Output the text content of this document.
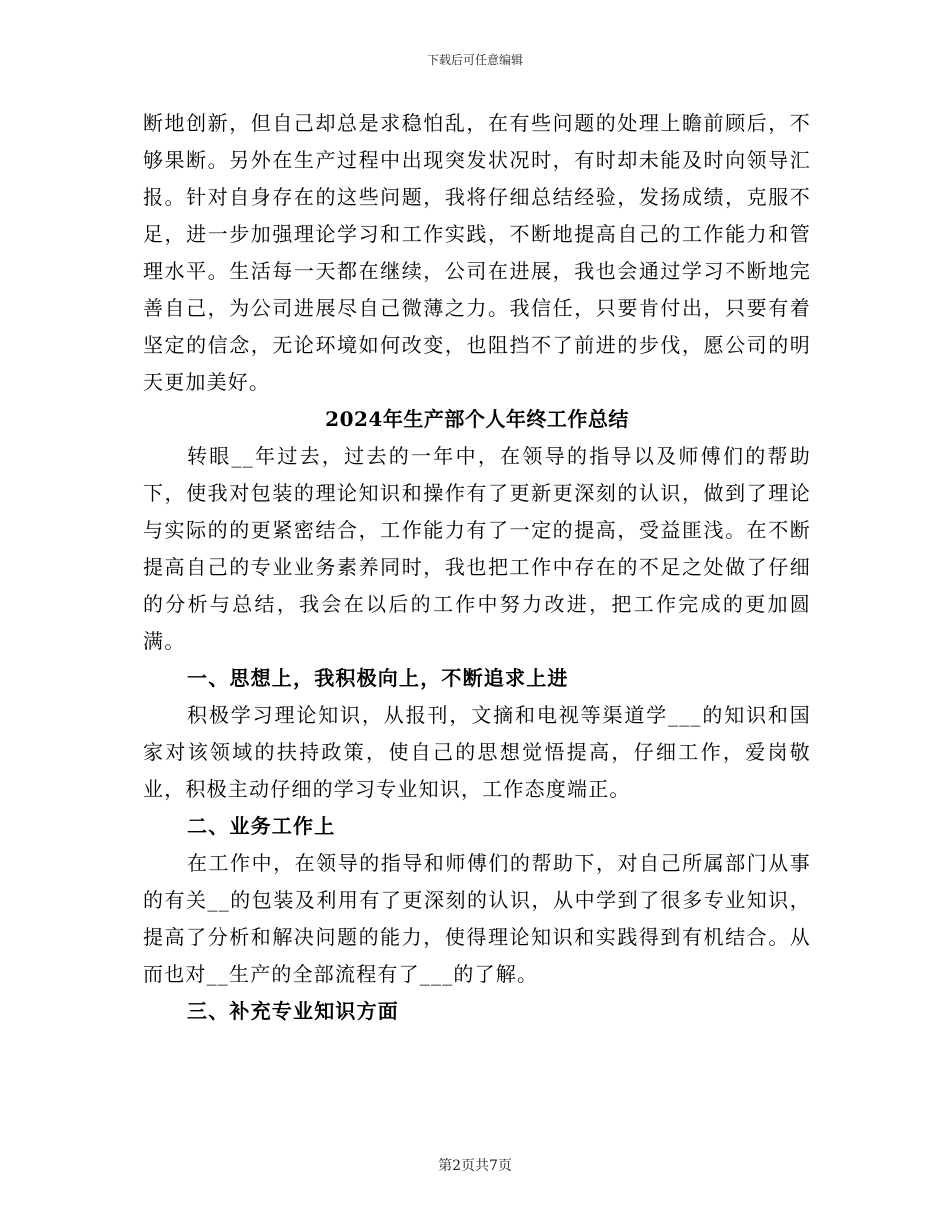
下载后可任意编辑

断地创新，但自己却总是求稳怕乱，在有些问题的处理上瞻前顾后，不够果断。另外在生产过程中出现突发状况时，有时却未能及时向领导汇报。针对自身存在的这些问题，我将仔细总结经验，发扬成绩，克服不足，进一步加强理论学习和工作实践，不断地提高自己的工作能力和管理水平。生活每一天都在继续，公司在进展，我也会通过学习不断地完善自己，为公司进展尽自己微薄之力。我信任，只要肯付出，只要有着坚定的信念，无论环境如何改变，也阻挡不了前进的步伐，愿公司的明天更加美好。

2024年生产部个人年终工作总结

转眼__年过去，过去的一年中，在领导的指导以及师傅们的帮助下，使我对包装的理论知识和操作有了更新更深刻的认识，做到了理论与实际的的更紧密结合，工作能力有了一定的提高，受益匪浅。在不断提高自己的专业业务素养同时，我也把工作中存在的不足之处做了仔细的分析与总结，我会在以后的工作中努力改进，把工作完成的更加圆满。

一、思想上，我积极向上，不断追求上进

积极学习理论知识，从报刊，文摘和电视等渠道学___的知识和国家对该领域的扶持政策，使自己的思想觉悟提高，仔细工作，爱岗敬业，积极主动仔细的学习专业知识，工作态度端正。

二、业务工作上

在工作中，在领导的指导和师傅们的帮助下，对自己所属部门从事的有关__的包装及利用有了更深刻的认识，从中学到了很多专业知识，提高了分析和解决问题的能力，使得理论知识和实践得到有机结合。从而也对__生产的全部流程有了___的了解。

三、补充专业知识方面

第2页共7页
